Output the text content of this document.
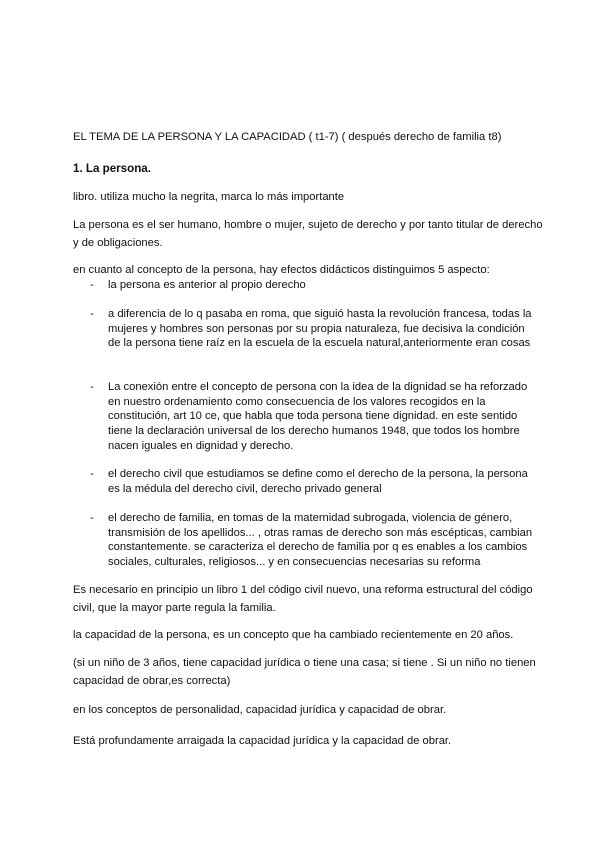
EL TEMA DE LA PERSONA Y LA CAPACIDAD ( t1-7) ( después derecho de familia t8)
1. La persona.
libro. utiliza mucho la negrita, marca lo más importante
La persona es el ser humano, hombre o mujer, sujeto de derecho y por tanto titular de derecho y de obligaciones.
en cuanto al concepto de la persona, hay efectos didácticos distinguimos 5 aspecto:
- la persona es anterior al propio derecho
- a diferencia de lo q pasaba en roma, que siguió hasta la revolución francesa, todas la mujeres y hombres son personas por su propia naturaleza, fue decisiva la condición de la persona tiene raíz en la escuela de la escuela natural,anteriormente eran cosas
- La conexión entre el concepto de persona con la idea de la dignidad se ha reforzado en nuestro ordenamiento como consecuencia de los valores recogidos en la constitución, art 10 ce, que habla que toda persona tiene dignidad. en este sentido tiene la declaración universal de los derecho humanos 1948, que todos los hombre nacen iguales en dignidad y derecho.
- el derecho civil que estudiamos se define como el derecho de la persona, la persona es la médula del derecho civil, derecho privado general
- el derecho de familia, en tomas de la maternidad subrogada, violencia de género, transmisión de los apellidos... , otras ramas de derecho son más escépticas, cambian constantemente. se caracteriza el derecho de familia por q es enables a los cambios sociales, culturales, religiosos... y en consecuencias necesarias su reforma
Es necesario en principio un libro 1 del código civil nuevo, una reforma estructural del código civil, que la mayor parte regula la familia.
la capacidad de la persona, es un concepto que ha cambiado recientemente en 20 años.
(si un niño de 3 años, tiene capacidad jurídica o tiene una casa; si tiene . Si un niño no tienen capacidad de obrar,es correcta)
en los conceptos de personalidad, capacidad jurídica y capacidad de obrar.
Está profundamente arraigada la capacidad jurídica y la capacidad de obrar.
